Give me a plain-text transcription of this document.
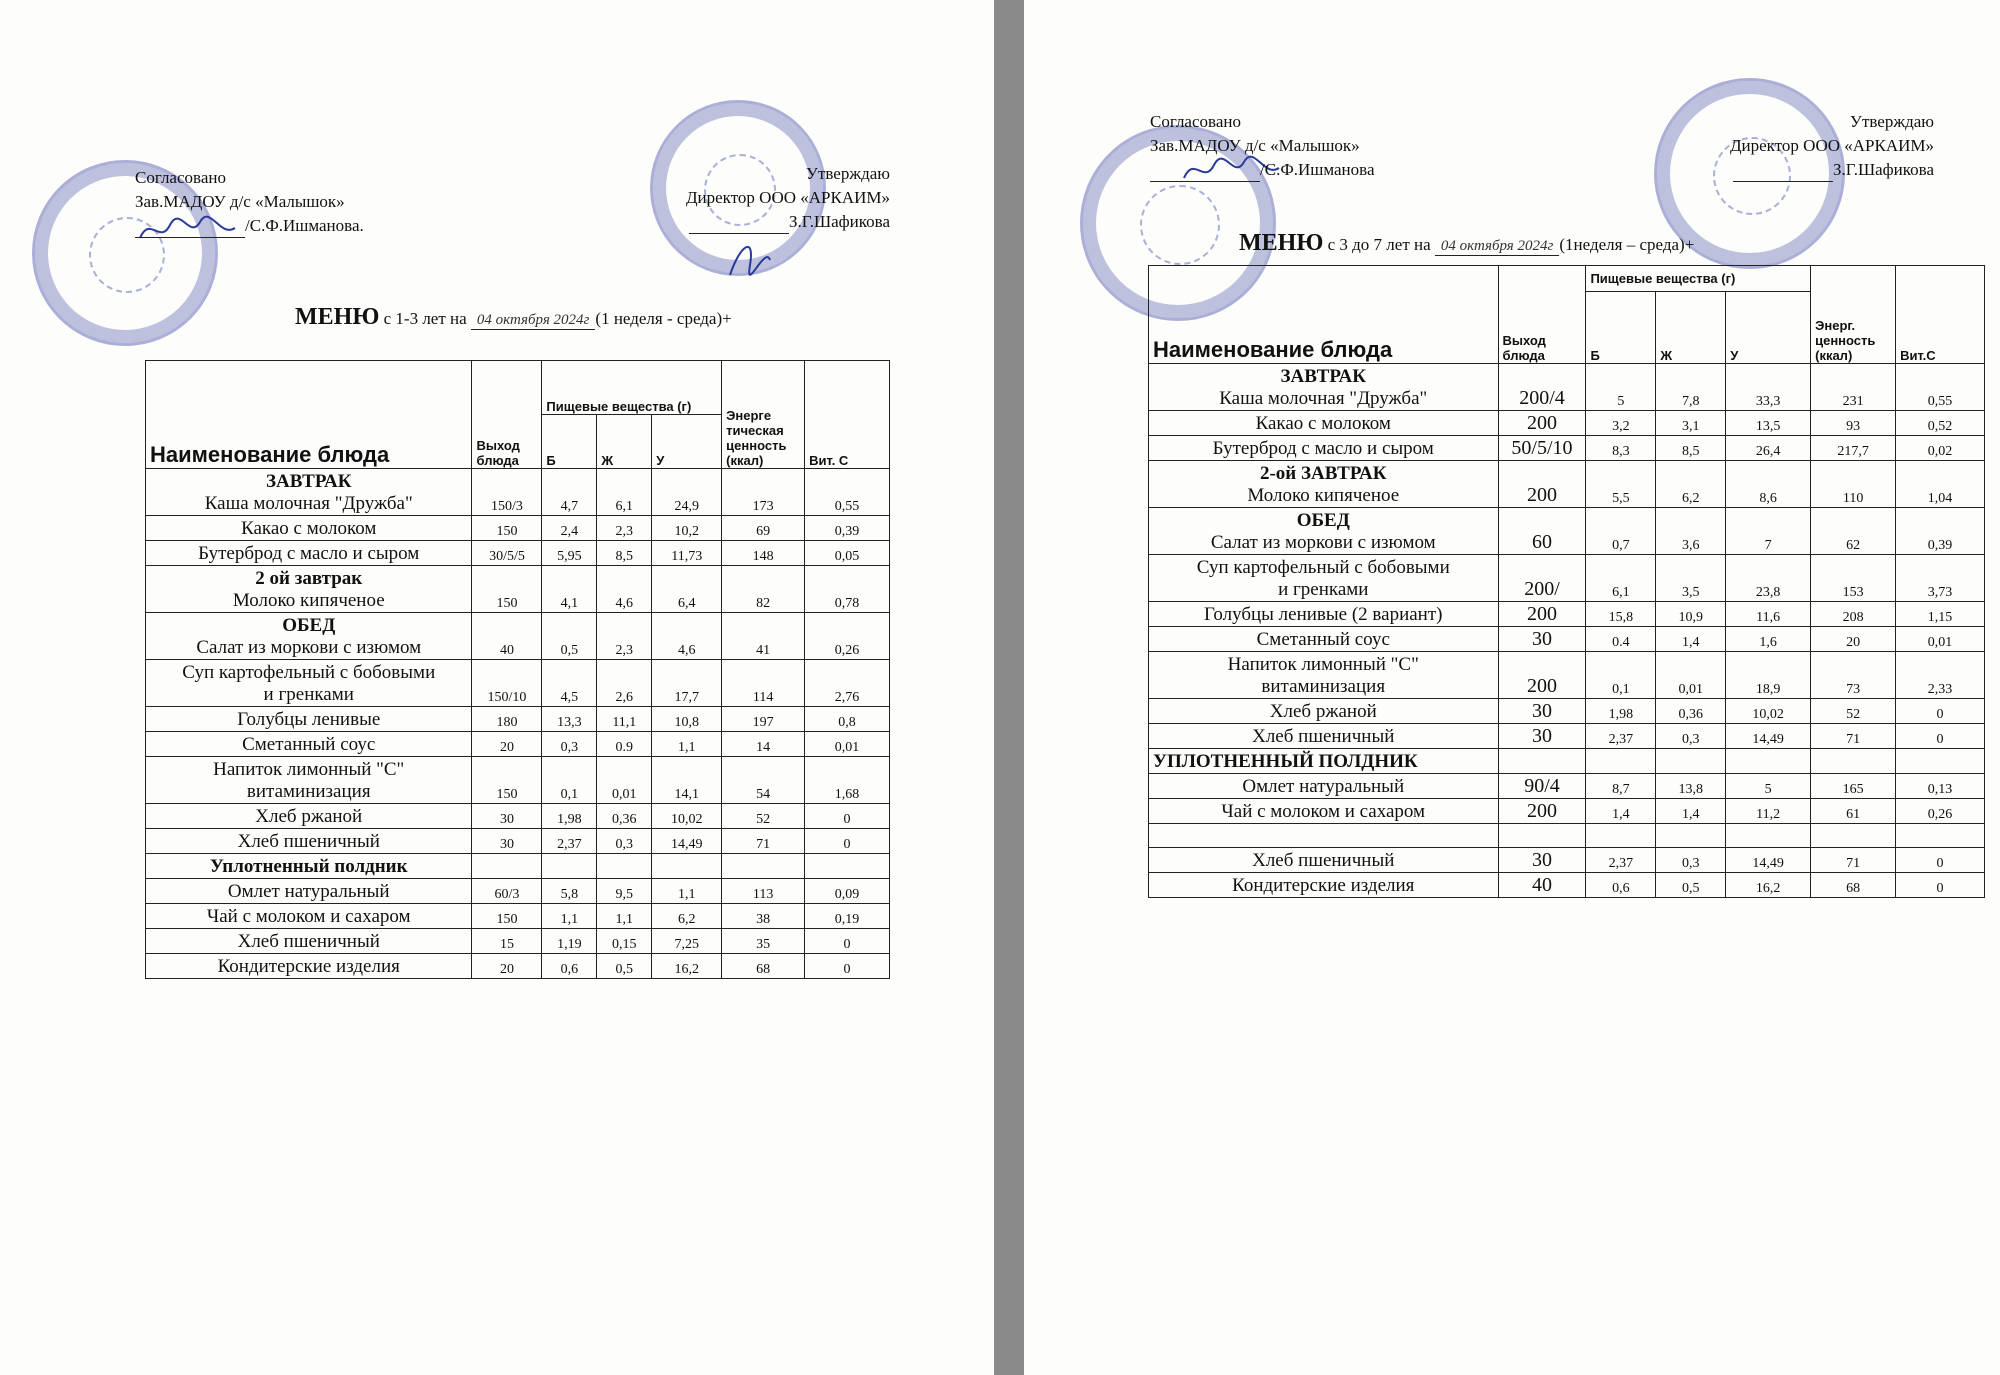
Согласовано
Зав.МАДОУ д/с «Малышок»
/С.Ф.Ишманова.
Утверждаю
Директор ООО «АРКАИМ»
З.Г.Шафикова
МЕНЮ с 1-3 лет на 04 октября 2024г (1 неделя - среда)+
Наименование блюда	Выход блюда	Пищевые вещества (г)			Энерге тическая ценность (ккал)	Вит. С
		Б	Ж	У		

ЗАВТРАК
Каша молочная "Дружба"	150/3	4,7	6,1	24,9	173	0,55

Какао с молоком	150	2,4	2,3	10,2	69	0,39

Бутерброд с масло и сыром	30/5/5	5,95	8,5	11,73	148	0,05

2 ой завтрак
Молоко кипяченое	150	4,1	4,6	6,4	82	0,78

ОБЕД
Салат из моркови с изюмом	40	0,5	2,3	4,6	41	0,26

Суп картофельный с бобовыми
и гренками	150/10	4,5	2,6	17,7	114	2,76

Голубцы ленивые	180	13,3	11,1	10,8	197	0,8

Сметанный соус	20	0,3	0.9	1,1	14	0,01

Напиток лимонный "С"
витаминизация	150	0,1	0,01	14,1	54	1,68

Хлеб ржаной	30	1,98	0,36	10,02	52	0

Хлеб пшеничный	30	2,37	0,3	14,49	71	0

Уплотненный полдник						

Омлет натуральный	60/3	5,8	9,5	1,1	113	0,09

Чай с молоком и сахаром	150	1,1	1,1	6,2	38	0,19

Хлеб пшеничный	15	1,19	0,15	7,25	35	0

Кондитерские изделия	20	0,6	0,5	16,2	68	0
Согласовано
Зав.МАДОУ д/с «Малышок»
/С.Ф.Ишманова
Утверждаю
Директор ООО «АРКАИМ»
З.Г.Шафикова
МЕНЮ с 3 до 7 лет на 04 октября 2024г (1неделя – среда)+
Наименование блюда	Выход блюда	Пищевые вещества (г)			Энерг. ценность (ккал)	Вит.С
		Б	Ж	У		

ЗАВТРАК
Каша молочная "Дружба"	200/4	5	7,8	33,3	231	0,55

Какао с молоком	200	3,2	3,1	13,5	93	0,52

Бутерброд с масло и сыром	50/5/10	8,3	8,5	26,4	217,7	0,02

2-ой ЗАВТРАК
Молоко кипяченое	200	5,5	6,2	8,6	110	1,04

ОБЕД
Салат из моркови с изюмом	60	0,7	3,6	7	62	0,39

Суп картофельный с бобовыми
и гренками	200/	6,1	3,5	23,8	153	3,73

Голубцы ленивые (2 вариант)	200	15,8	10,9	11,6	208	1,15

Сметанный соус	30	0.4	1,4	1,6	20	0,01

Напиток лимонный "С"
витаминизация	200	0,1	0,01	18,9	73	2,33

Хлеб ржаной	30	1,98	0,36	10,02	52	0

Хлеб пшеничный	30	2,37	0,3	14,49	71	0

УПЛОТНЕННЫЙ ПОЛДНИК						

Омлет натуральный	90/4	8,7	13,8	5	165	0,13

Чай с молоком и сахаром	200	1,4	1,4	11,2	61	0,26

Хлеб пшеничный	30	2,37	0,3	14,49	71	0

Кондитерские изделия	40	0,6	0,5	16,2	68	0
